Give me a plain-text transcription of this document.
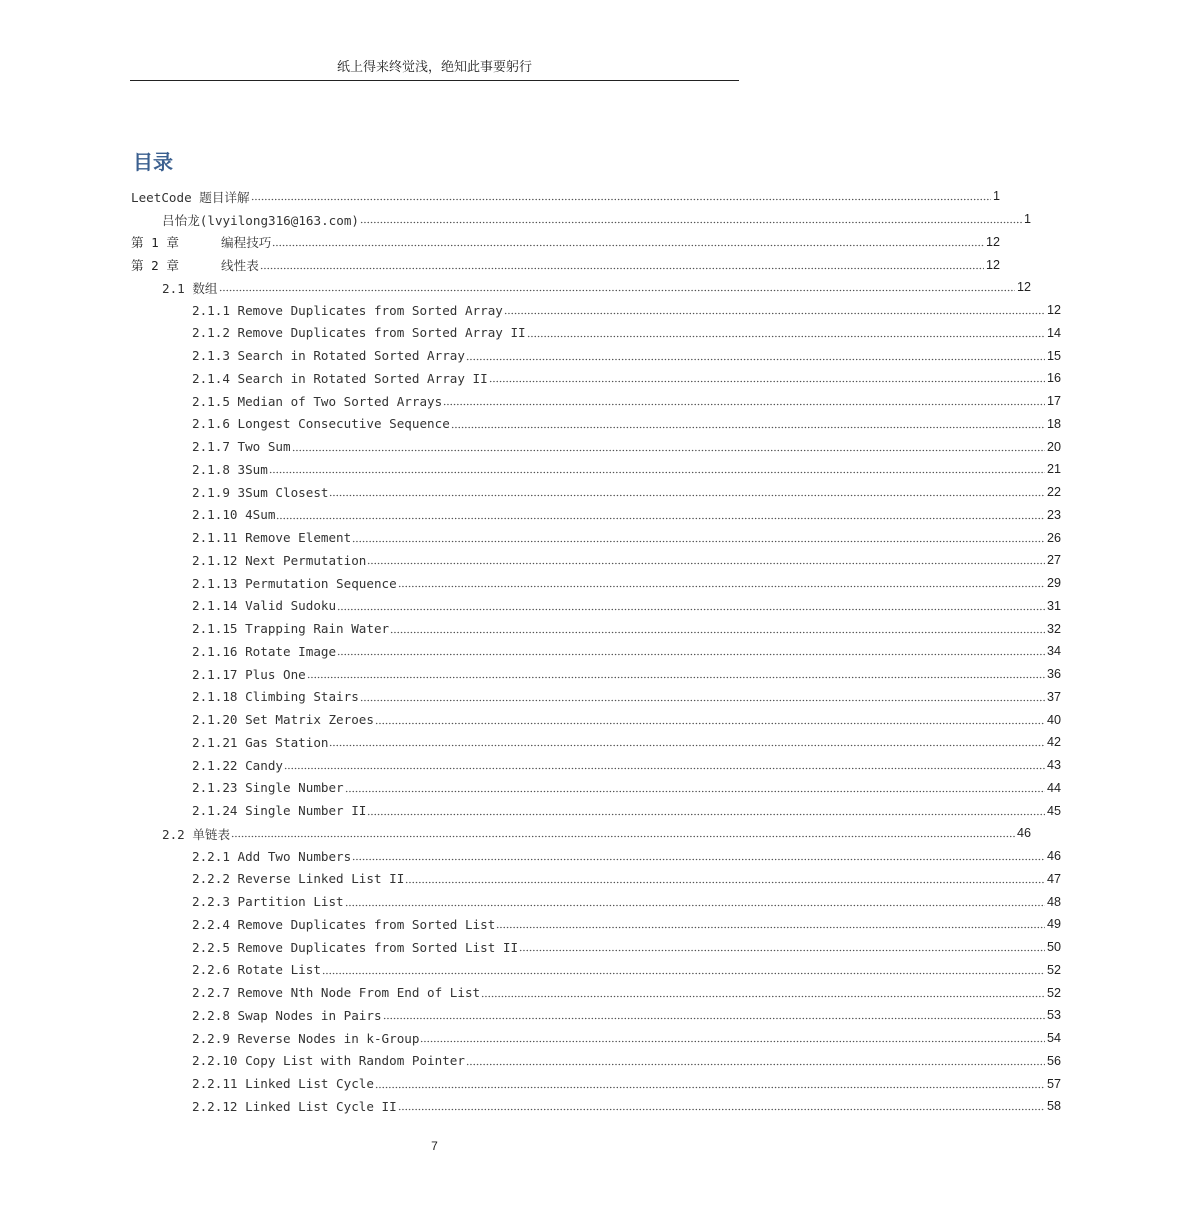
纸上得来终觉浅，绝知此事要躬行
目录
LeetCode 题目详解	1
吕怡龙(lvyilong316@163.com)	1
第 1 章	编程技巧	12
第 2 章	线性表	12
2.1 数组	12
2.1.1 Remove Duplicates from Sorted Array	12
2.1.2 Remove Duplicates from Sorted Array II	14
2.1.3 Search in Rotated Sorted Array	15
2.1.4 Search in Rotated Sorted Array II	16
2.1.5 Median of Two Sorted Arrays	17
2.1.6 Longest Consecutive Sequence	18
2.1.7 Two Sum	20
2.1.8 3Sum	21
2.1.9 3Sum Closest	22
2.1.10 4Sum	23
2.1.11 Remove Element	26
2.1.12 Next Permutation	27
2.1.13 Permutation Sequence	29
2.1.14 Valid Sudoku	31
2.1.15 Trapping Rain Water	32
2.1.16 Rotate Image	34
2.1.17 Plus One	36
2.1.18 Climbing Stairs	37
2.1.20 Set Matrix Zeroes	40
2.1.21 Gas Station	42
2.1.22 Candy	43
2.1.23 Single Number	44
2.1.24 Single Number II	45
2.2 单链表	46
2.2.1 Add Two Numbers	46
2.2.2 Reverse Linked List II	47
2.2.3 Partition List	48
2.2.4 Remove Duplicates from Sorted List	49
2.2.5 Remove Duplicates from Sorted List II	50
2.2.6 Rotate List	52
2.2.7 Remove Nth Node From End of List	52
2.2.8 Swap Nodes in Pairs	53
2.2.9 Reverse Nodes in k-Group	54
2.2.10 Copy List with Random Pointer	56
2.2.11 Linked List Cycle	57
2.2.12 Linked List Cycle II	58
7
